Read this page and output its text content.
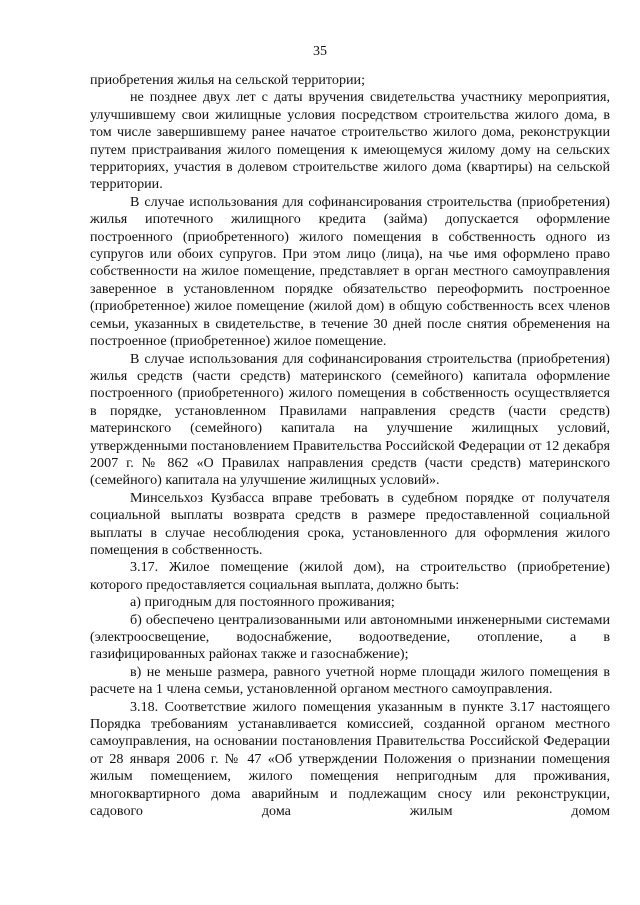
35

приобретения жилья на сельской территории;

не позднее двух лет с даты вручения свидетельства участнику мероприятия, улучшившему свои жилищные условия посредством строительства жилого дома, в том числе завершившему ранее начатое строительство жилого дома, реконструкции путем пристраивания жилого помещения к имеющемуся жилому дому на сельских территориях, участия в долевом строительстве жилого дома (квартиры) на сельской территории.

В случае использования для софинансирования строительства (приобретения) жилья ипотечного жилищного кредита (займа) допускается оформление построенного (приобретенного) жилого помещения в собственность одного из супругов или обоих супругов. При этом лицо (лица), на чье имя оформлено право собственности на жилое помещение, представляет в орган местного самоуправления заверенное в установленном порядке обязательство переоформить построенное (приобретенное) жилое помещение (жилой дом) в общую собственность всех членов семьи, указанных в свидетельстве, в течение 30 дней после снятия обременения на построенное (приобретенное) жилое помещение.

В случае использования для софинансирования строительства (приобретения) жилья средств (части средств) материнского (семейного) капитала оформление построенного (приобретенного) жилого помещения в собственность осуществляется в порядке, установленном Правилами направления средств (части средств) материнского (семейного) капитала на улучшение жилищных условий, утвержденными постановлением Правительства Российской Федерации от 12 декабря 2007 г. № 862 «О Правилах направления средств (части средств) материнского (семейного) капитала на улучшение жилищных условий».

Минсельхоз Кузбасса вправе требовать в судебном порядке от получателя социальной выплаты возврата средств в размере предоставленной социальной выплаты в случае несоблюдения срока, установленного для оформления жилого помещения в собственность.

3.17. Жилое помещение (жилой дом), на строительство (приобретение) которого предоставляется социальная выплата, должно быть:

а) пригодным для постоянного проживания;

б) обеспечено централизованными или автономными инженерными системами (электроосвещение, водоснабжение, водоотведение, отопление, а в газифицированных районах также и газоснабжение);

в) не меньше размера, равного учетной норме площади жилого помещения в расчете на 1 члена семьи, установленной органом местного самоуправления.

3.18. Соответствие жилого помещения указанным в пункте 3.17 настоящего Порядка требованиям устанавливается комиссией, созданной органом местного самоуправления, на основании постановления Правительства Российской Федерации от 28 января 2006 г. № 47 «Об утверждении Положения о признании помещения жилым помещением, жилого помещения непригодным для проживания, многоквартирного дома аварийным и подлежащим сносу или реконструкции, садового дома жилым домом
